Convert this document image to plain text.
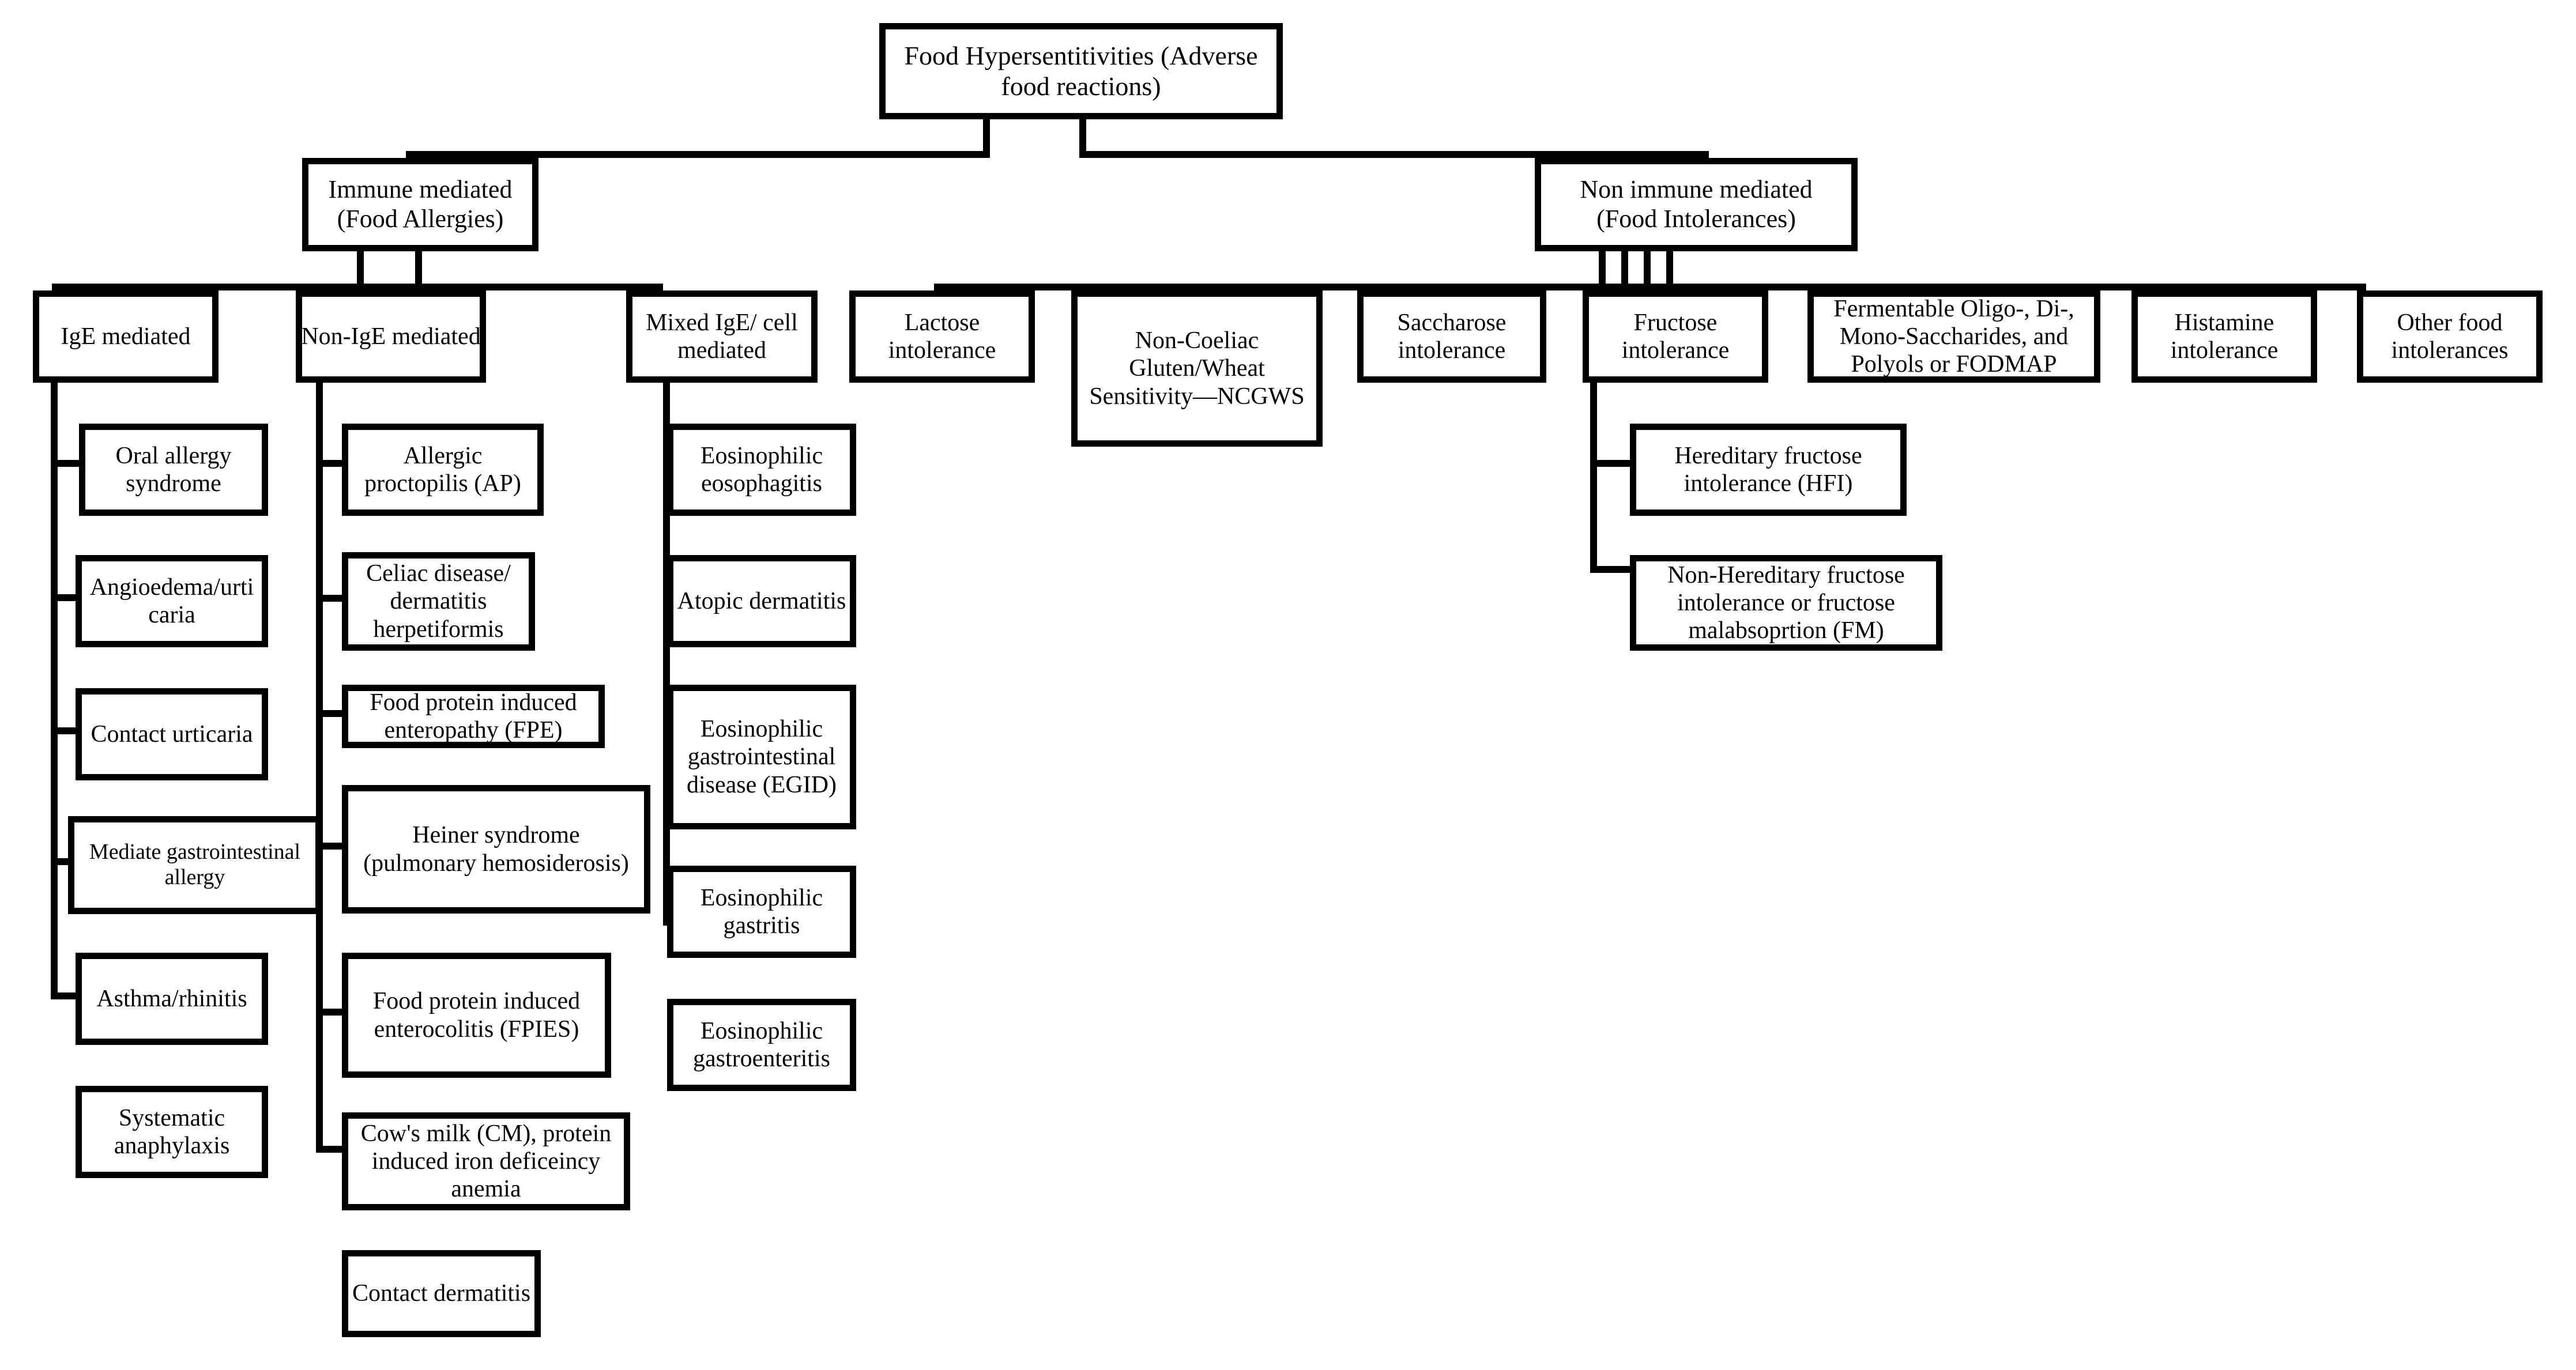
Food Hypersentitivities (Adverse food reactions)
Immune mediated (Food Allergies)
Non immune mediated (Food Intolerances)
IgE mediated	Non-IgE mediated
Mixed IgE/ cell mediated
Lactose intolerance	Non-Coeliac Gluten/Wheat Sensitivity—NCGWS
Saccharose intolerance
Fructose intolerance
Fermentable Oligo-, Di-, Mono-Saccharides, and Polyols or FODMAP
Histamine intolerance
Other food intolerances
Oral allergy syndrome
Angioedema/urticaria
Contact urticaria
Mediate gastrointestinal allergy
Asthma/rhinitis
Systematic anaphylaxis
Allergic proctopilis (AP)
Celiac disease/ dermatitis herpetiformis
Food protein induced enteropathy (FPE)
Heiner syndrome (pulmonary hemosiderosis)
Food protein induced enterocolitis (FPIES)
Cow's milk (CM), protein induced iron deficeincy anemia
Contact dermatitis
Eosinophilic eosophagitis
Atopic dermatitis
Eosinophilic gastrointestinal disease (EGID)
Eosinophilic gastritis
Eosinophilic gastroenteritis
Hereditary fructose intolerance (HFI)
Non-Hereditary fructose intolerance or fructose malabsoprtion (FM)
